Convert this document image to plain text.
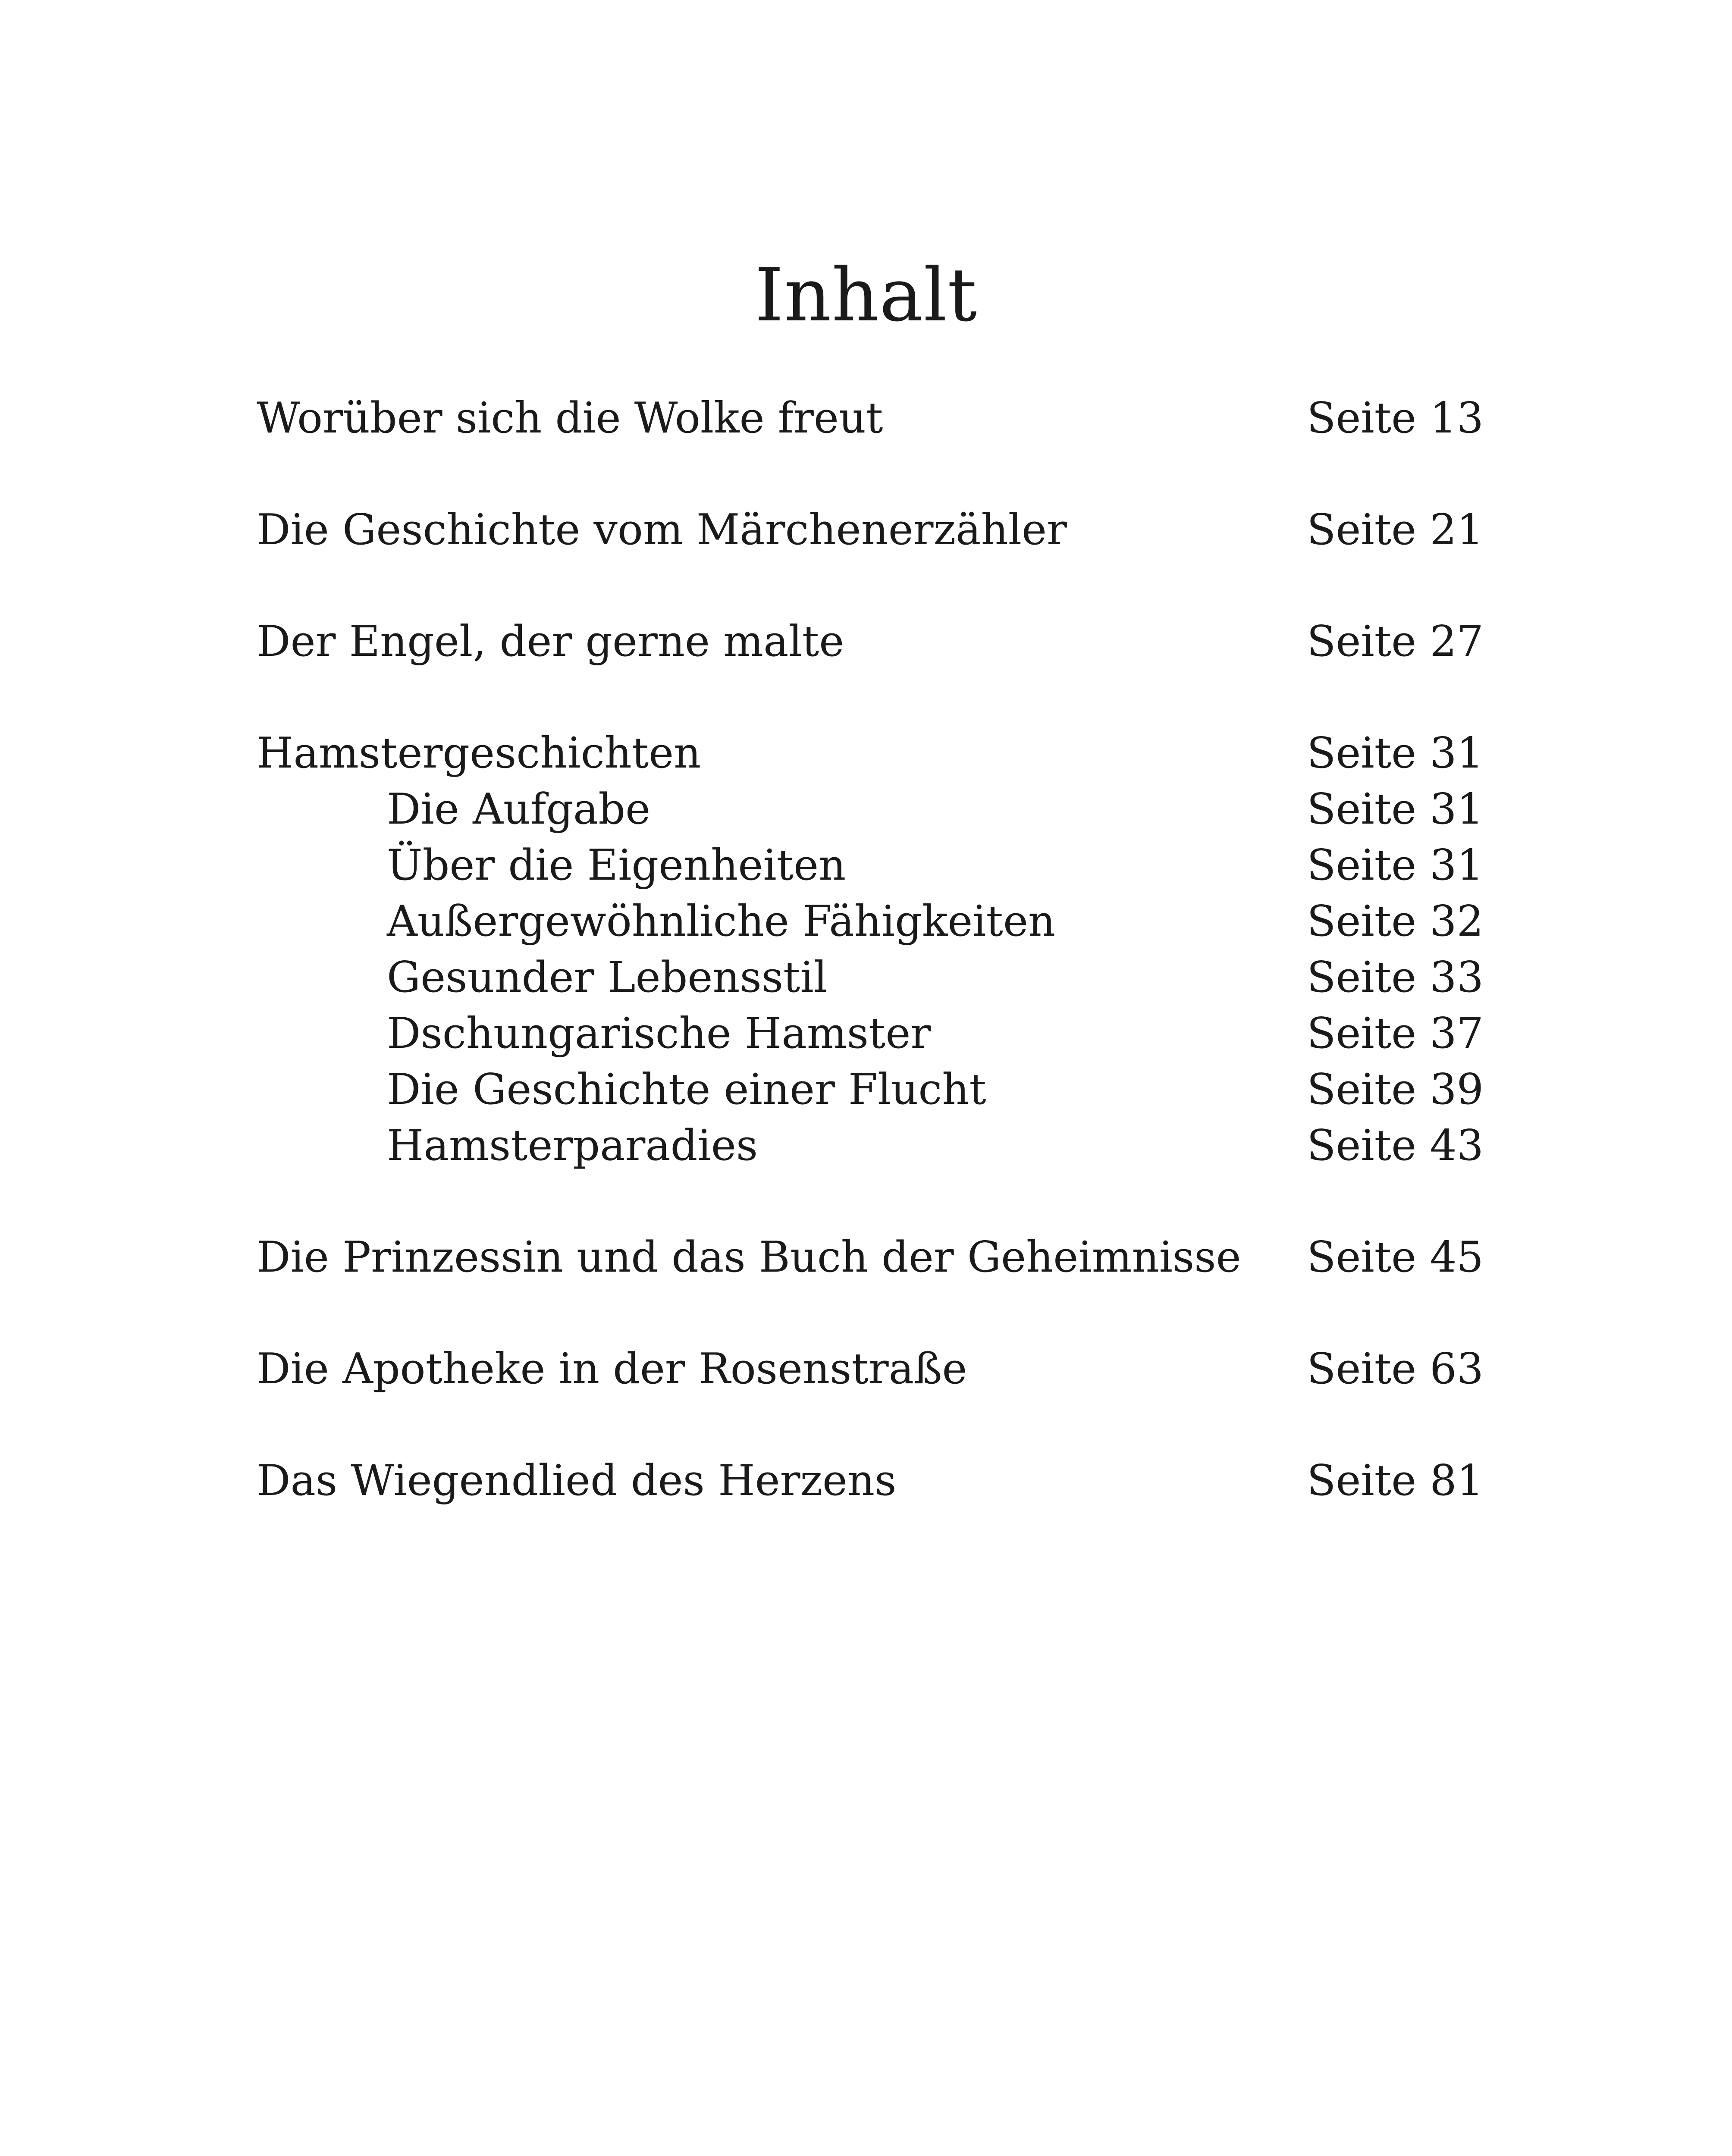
Inhalt
Worüber sich die Wolke freut	Seite 13
Die Geschichte vom Märchenerzähler	Seite 21
Der Engel, der gerne malte	Seite 27
Hamstergeschichten	Seite 31
Die Aufgabe	Seite 31
Über die Eigenheiten	Seite 31
Außergewöhnliche Fähigkeiten	Seite 32
Gesunder Lebensstil	Seite 33
Dschungarische Hamster	Seite 37
Die Geschichte einer Flucht	Seite 39
Hamsterparadies	Seite 43
Die Prinzessin und das Buch der Geheimnisse Seite 45
Die Apotheke in der Rosenstraße	Seite 63
Das Wiegendlied des Herzens	Seite 81
